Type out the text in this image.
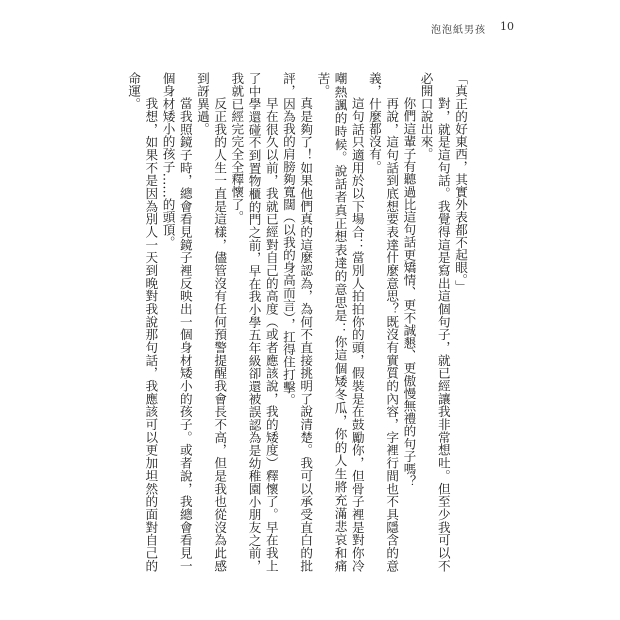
泡泡紙男孩 10

「真正的好東西，其實外表都不起眼。」

對，就是這句話。我覺得這是寫出這個句子，就已經讓我非常想吐。但至少我可以不必開口說出來。

你們這輩子有聽過比這句話更矯情、更不誠懇、更傲慢無禮的句子嗎？

再說，這句話到底想要表達什麼意思？既沒有實質的內容，字裡行間也不具隱含的意義，什麼都沒有。

這句話只適用於以下場合：當別人拍拍你的頭，假裝是在鼓勵你，但骨子裡是對你冷嘲熱諷的時候。說話者真正想表達的意思是：你這個矮冬瓜，你的人生將充滿悲哀和痛苦。

真是夠了！如果他們真的這麼認為，為何不直接挑明了說清楚。我可以承受直白的批評，因為我的肩膀夠寬闊（以我的身高而言），扛得住打擊。

早在很久以前，我就已經對自己的高度（或者應該說，我的矮度）釋懷了。早在我上了中學還碰不到置物櫃的門之前，早在我小學五年級卻還被誤認為是幼稚園小朋友之前，我就已經完完全全釋懷了。

反正我的人生一直是這樣，儘管沒有任何預警提醒我會長不高，但是我也從沒為此感到訝異過。

當我照鏡子時，總會看見鏡子裡反映出一個身材矮小的孩子。或者說，我總會看見一個身材矮小的孩子……的頭頂。

我想，如果不是因為別人一天到晚對我說那句話，我應該可以更加坦然的面對自己的命運。
